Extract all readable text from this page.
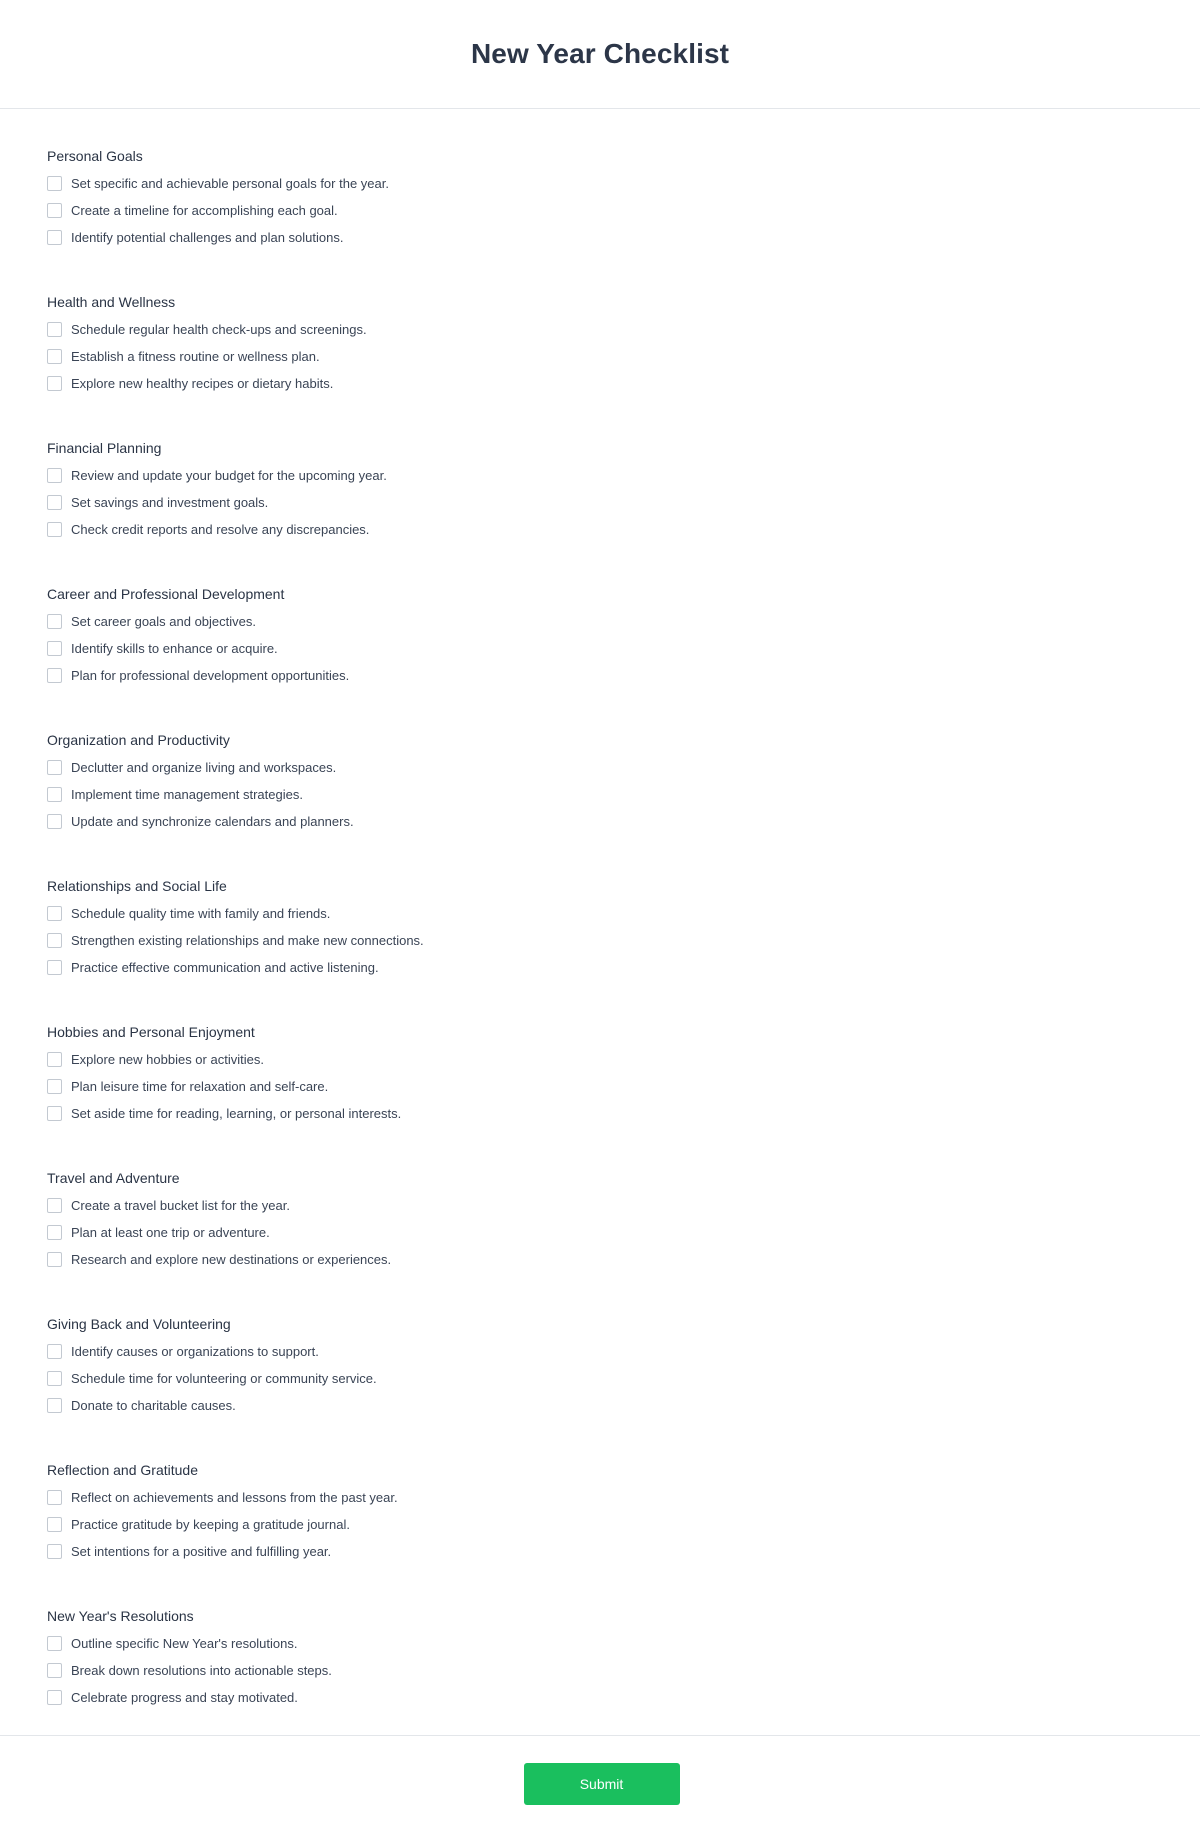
New Year Checklist
Personal Goals
Set specific and achievable personal goals for the year.
Create a timeline for accomplishing each goal.
Identify potential challenges and plan solutions.
Health and Wellness
Schedule regular health check-ups and screenings.
Establish a fitness routine or wellness plan.
Explore new healthy recipes or dietary habits.
Financial Planning
Review and update your budget for the upcoming year.
Set savings and investment goals.
Check credit reports and resolve any discrepancies.
Career and Professional Development
Set career goals and objectives.
Identify skills to enhance or acquire.
Plan for professional development opportunities.
Organization and Productivity
Declutter and organize living and workspaces.
Implement time management strategies.
Update and synchronize calendars and planners.
Relationships and Social Life
Schedule quality time with family and friends.
Strengthen existing relationships and make new connections.
Practice effective communication and active listening.
Hobbies and Personal Enjoyment
Explore new hobbies or activities.
Plan leisure time for relaxation and self-care.
Set aside time for reading, learning, or personal interests.
Travel and Adventure
Create a travel bucket list for the year.
Plan at least one trip or adventure.
Research and explore new destinations or experiences.
Giving Back and Volunteering
Identify causes or organizations to support.
Schedule time for volunteering or community service.
Donate to charitable causes.
Reflection and Gratitude
Reflect on achievements and lessons from the past year.
Practice gratitude by keeping a gratitude journal.
Set intentions for a positive and fulfilling year.
New Year's Resolutions
Outline specific New Year's resolutions.
Break down resolutions into actionable steps.
Celebrate progress and stay motivated.
Submit
